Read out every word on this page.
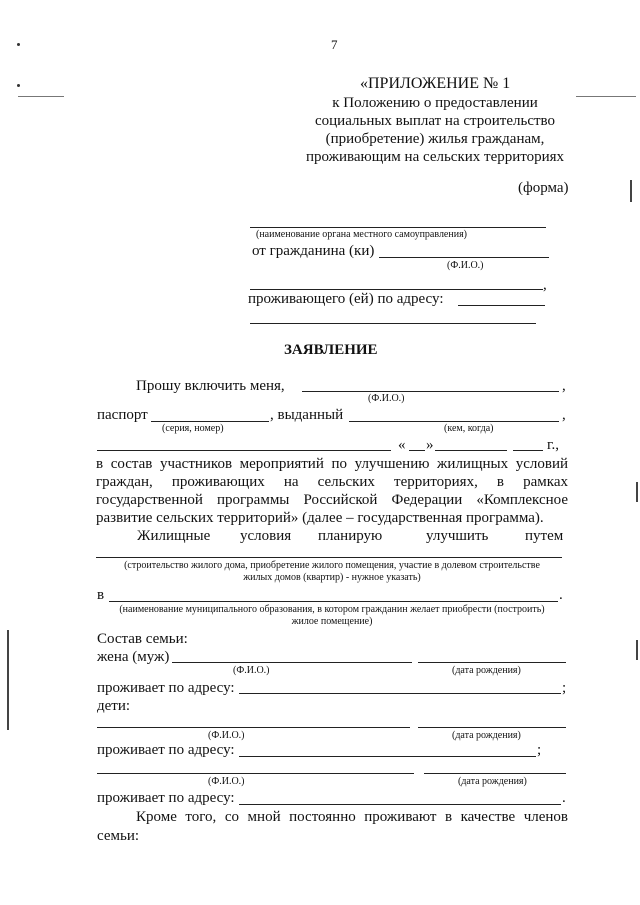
7
«ПРИЛОЖЕНИЕ № 1
к Положению о предоставлении
социальных выплат на строительство
(приобретение) жилья гражданам,
проживающим на сельских территориях
(форма)
(наименование органа местного самоуправления)
от гражданина (ки)
(Ф.И.О.)
,
проживающего (ей) по адресу:
ЗАЯВЛЕНИЕ
Прошу включить меня,	,
(Ф.И.О.)
паспорт	, выданный	,
(серия, номер)	(кем, когда)
« »	г.,
в состав участников мероприятий по улучшению жилищных условий
граждан, проживающих на сельских территориях, в рамках
государственной программы Российской Федерации «Комплексное
развитие сельских территорий» (далее – государственная программа).
Жилищные условия планирую	улучшить путем
(строительство жилого дома, приобретение жилого помещения, участие в долевом строительстве
жилых домов (квартир) - нужное указать)
в	.
(наименование муниципального образования, в котором гражданин желает приобрести (построить)
жилое помещение)
Состав семьи:
жена (муж)
(Ф.И.О.)	(дата рождения)
проживает по адресу:	;
дети:
(Ф.И.О.)	(дата рождения)
проживает по адресу:	;
(Ф.И.О.)	(дата рождения)
проживает по адресу:	.
Кроме того, со мной постоянно проживают в качестве членов
семьи:
